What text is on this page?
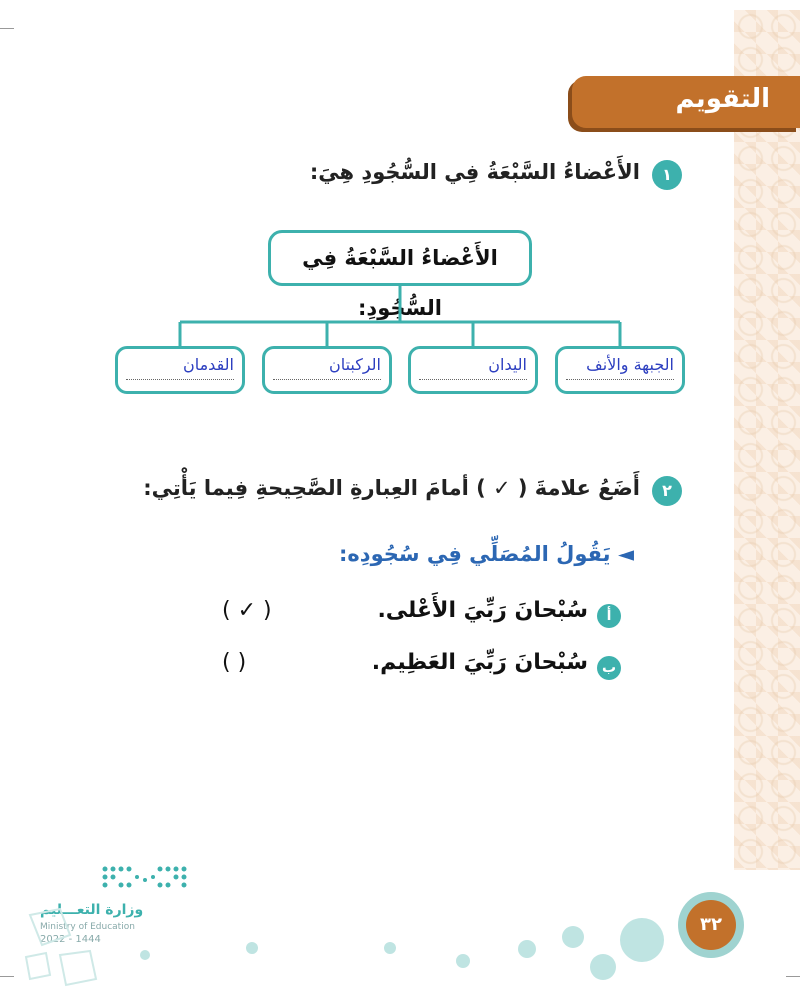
التقويم
١
الأَعْضاءُ السَّبْعَةُ فِي السُّجُودِ هِيَ:
الأَعْضاءُ السَّبْعَةُ فِي السُّجُودِ:
الجبهة والأنف
اليدان
الركبتان
القدمان
٢
أَضَعُ علامةَ ( ✓ ) أمامَ العِبارةِ الصَّحِيحةِ فِيما يَأْتِي:
◄ يَقُولُ المُصَلِّي فِي سُجُودِه:
أ
سُبْحانَ رَبِّيَ الأَعْلى.
( ✓ )
ب
سُبْحانَ رَبِّيَ العَظِيم.
( )
٣٢
وزارة التعـــليم
Ministry of Education
2022 - 1444
